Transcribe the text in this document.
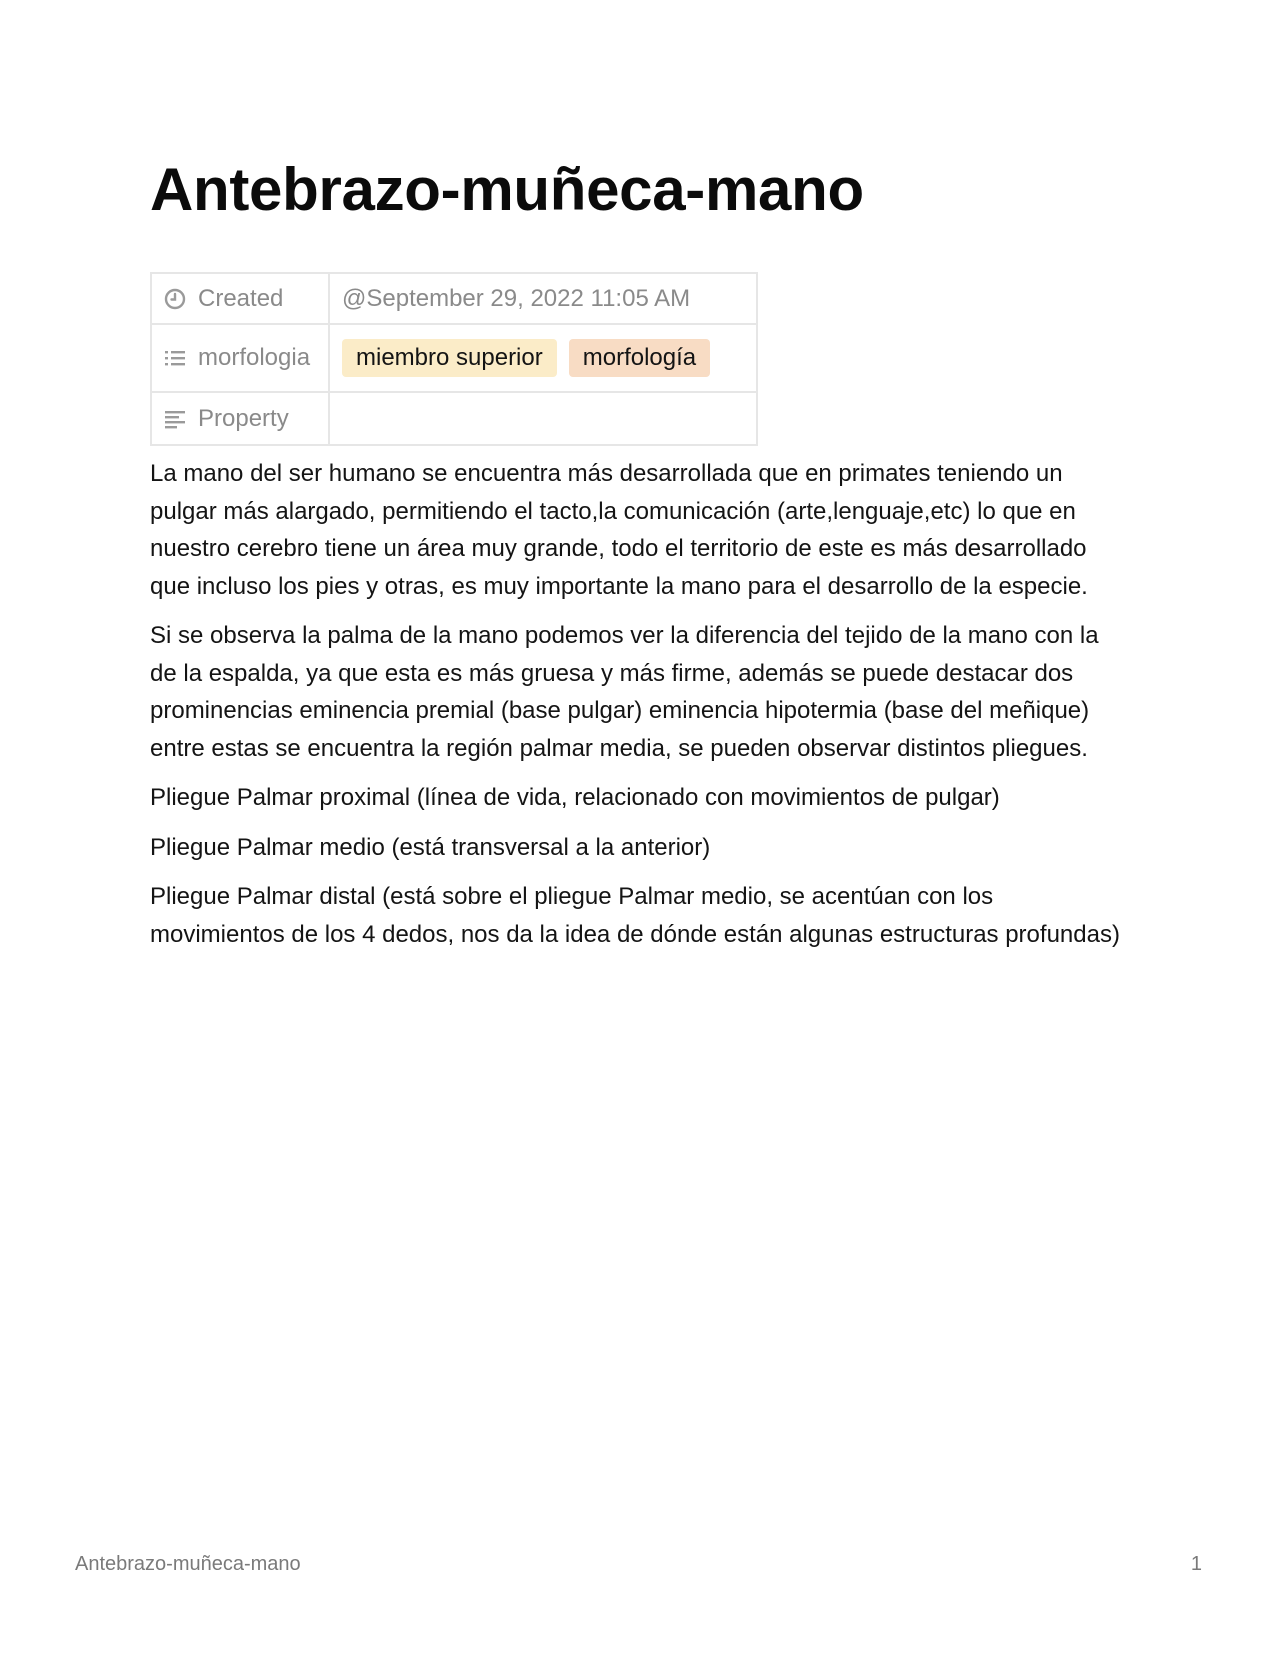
Antebrazo-muñeca-mano
Created	@September 29, 2022 11:05 AM

morfologia	miembro superior morfología

Property	

La mano del ser humano se encuentra más desarrollada que en primates teniendo un pulgar más alargado, permitiendo el tacto,la comunicación (arte,lenguaje,etc) lo que en nuestro cerebro tiene un área muy grande, todo el territorio de este es más desarrollado que incluso los pies y otras, es muy importante la mano para el desarrollo de la especie.

Si se observa la palma de la mano podemos ver la diferencia del tejido de la mano con la de la espalda, ya que esta es más gruesa y más firme, además se puede destacar dos prominencias eminencia premial (base pulgar) eminencia hipotermia (base del meñique) entre estas se encuentra la región palmar media, se pueden observar distintos pliegues.

Pliegue Palmar proximal (línea de vida, relacionado con movimientos de pulgar)

Pliegue Palmar medio (está transversal a la anterior)

Pliegue Palmar distal (está sobre el pliegue Palmar medio, se acentúan con los movimientos de los 4 dedos, nos da la idea de dónde están algunas estructuras profundas)

Antebrazo-muñeca-mano	1
